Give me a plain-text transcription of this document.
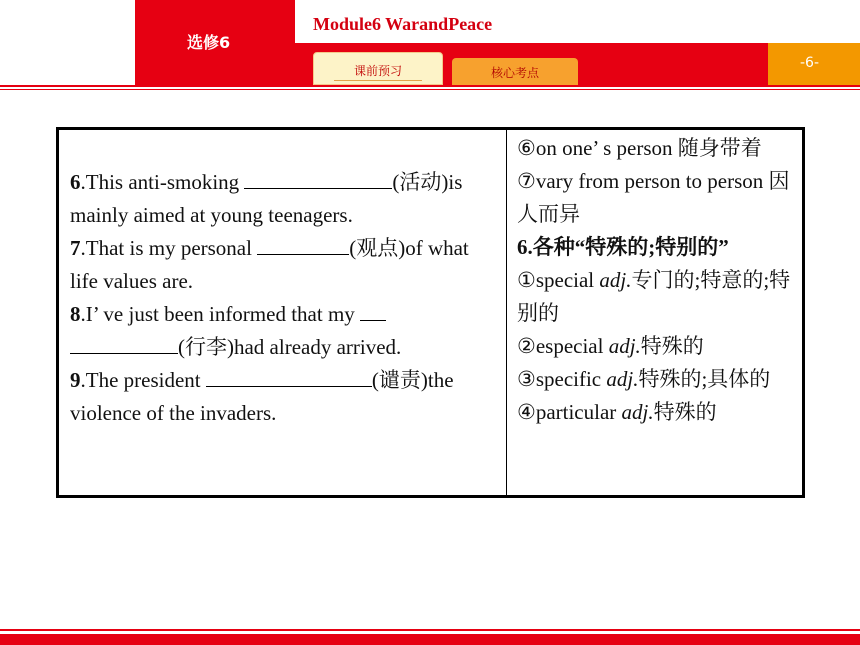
选修6
Module6 WarandPeace
-6-
课前预习	核心考点
6.This anti-smoking	(活动)is mainly aimed at young teenagers.
7.That is my personal	(观点)of what life values are.
8.I’ ve just been informed that my
(行李)had already arrived.
9.The president	(谴责)the violence of the invaders.
⑥on one’ s person 随身带着
⑦vary from person to person 因人而异
6.各种“特殊的;特别的”
①special adj.专门的;特意的;特别的
②especial adj.特殊的
③specific adj.特殊的;具体的
④particular adj.特殊的
